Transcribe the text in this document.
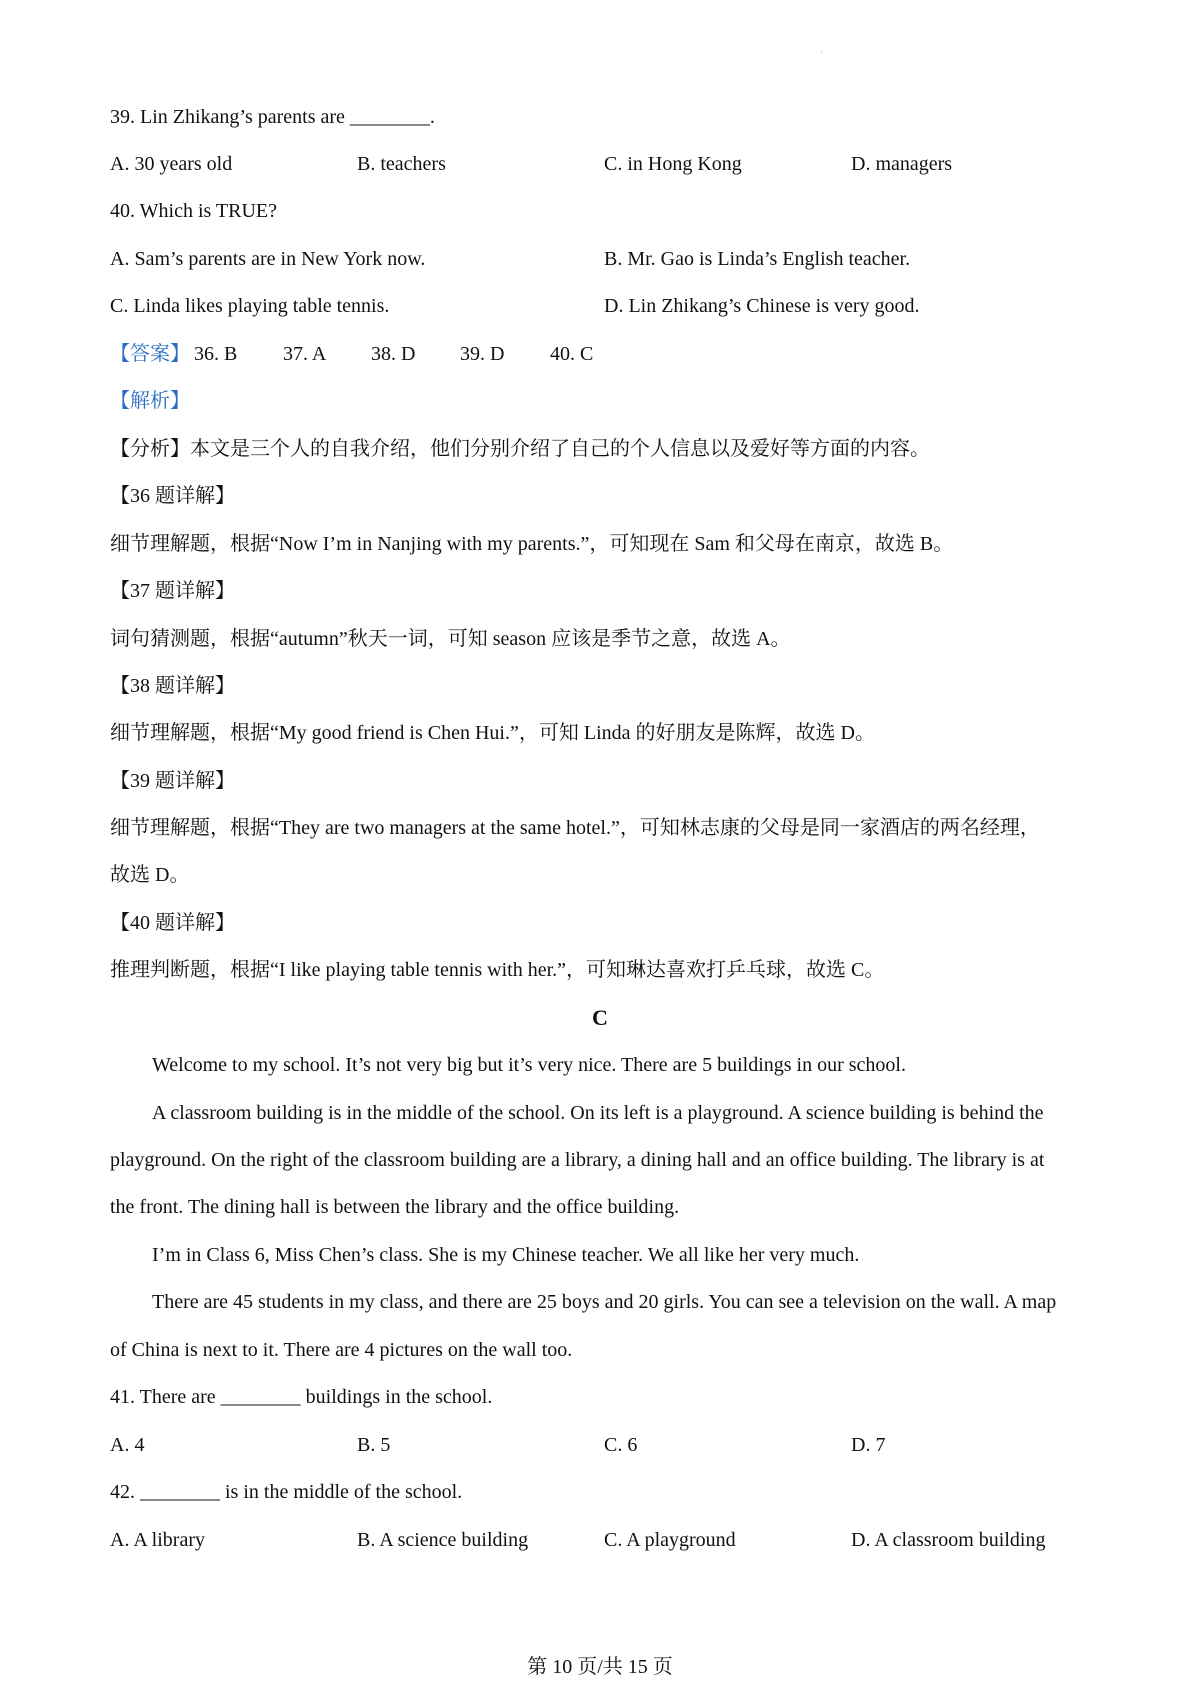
39. Lin Zhikang’s parents are ________.
A. 30 years old	B. teachers	C. in Hong Kong	D. managers
40. Which is TRUE?
A. Sam’s parents are in New York now.	B. Mr. Gao is Linda’s English teacher.
C. Linda likes playing table tennis.	D. Lin Zhikang’s Chinese is very good.
【答案】 36. B 37. A 38. D 39. D 40. C
【解析】
【分析】本文是三个人的自我介绍，他们分别介绍了自己的个人信息以及爱好等方面的内容。
【36 题详解】
细节理解题，根据“Now I’m in Nanjing with my parents.”，可知现在 Sam 和父母在南京，故选 B。
【37 题详解】
词句猜测题，根据“autumn”秋天一词，可知 season 应该是季节之意，故选 A。
【38 题详解】
细节理解题，根据“My good friend is Chen Hui.”，可知 Linda 的好朋友是陈辉，故选 D。
【39 题详解】
细节理解题，根据“They are two managers at the same hotel.”，可知林志康的父母是同一家酒店的两名经理，
故选 D。
【40 题详解】
推理判断题，根据“I like playing table tennis with her.”，可知琳达喜欢打乒乓球，故选 C。
C
Welcome to my school. It’s not very big but it’s very nice. There are 5 buildings in our school.
A classroom building is in the middle of the school. On its left is a playground. A science building is behind the
playground. On the right of the classroom building are a library, a dining hall and an office building. The library is at
the front. The dining hall is between the library and the office building.
I’m in Class 6, Miss Chen’s class. She is my Chinese teacher. We all like her very much.
There are 45 students in my class, and there are 25 boys and 20 girls. You can see a television on the wall. A map
of China is next to it. There are 4 pictures on the wall too.
41. There are ________ buildings in the school.
A. 4	B. 5	C. 6	D. 7
42. ________ is in the middle of the school.
A. A library	B. A science building	C. A playground	D. A classroom building
第 10 页/共 15 页
·
·
